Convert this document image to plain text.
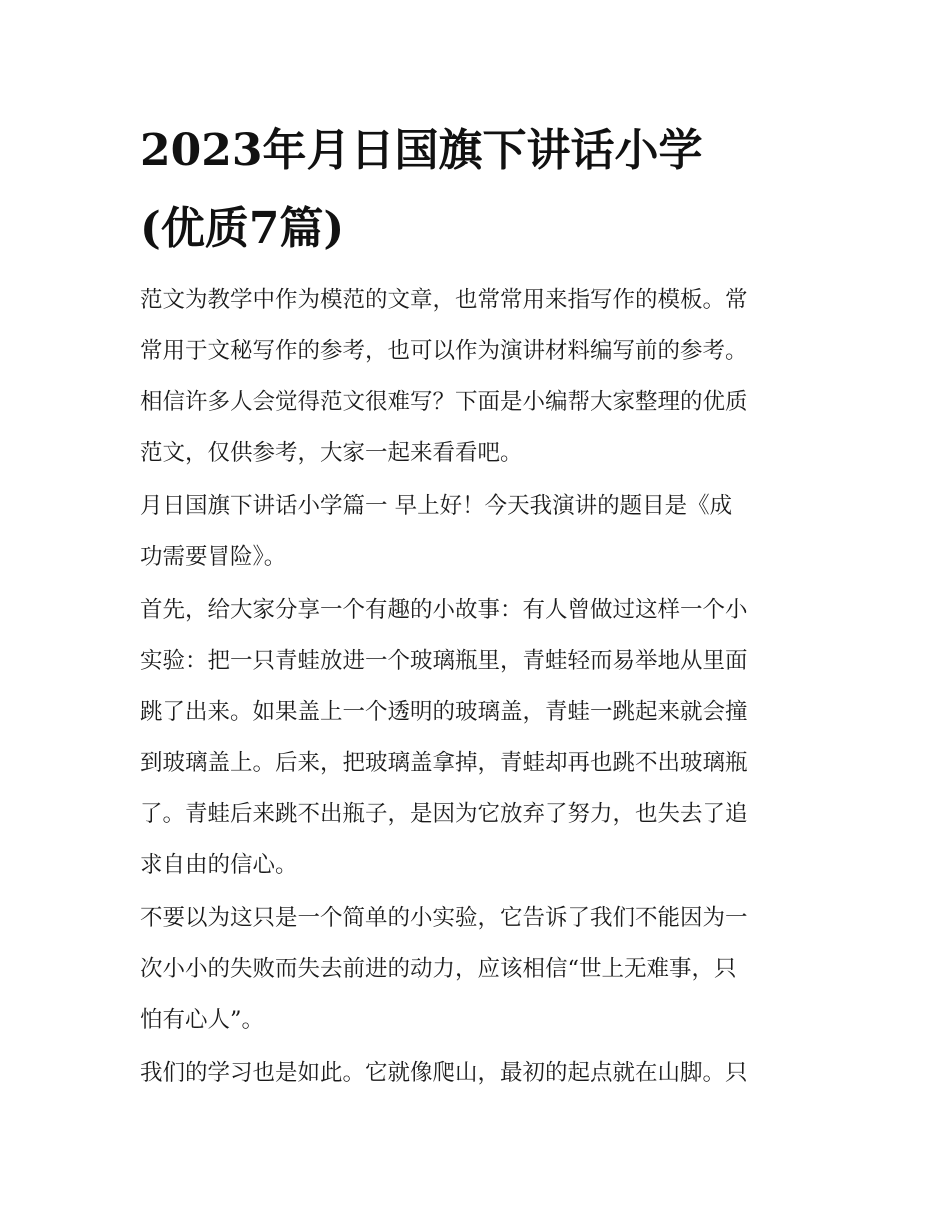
2023年月日国旗下讲话小学
(优质7篇)
范文为教学中作为模范的文章，也常常用来指写作的模板。常
常用于文秘写作的参考，也可以作为演讲材料编写前的参考。
相信许多人会觉得范文很难写？下面是小编帮大家整理的优质
范文，仅供参考，大家一起来看看吧。
月日国旗下讲话小学篇一 早上好！今天我演讲的题目是《成
功需要冒险》。
首先，给大家分享一个有趣的小故事：有人曾做过这样一个小
实验：把一只青蛙放进一个玻璃瓶里，青蛙轻而易举地从里面
跳了出来。如果盖上一个透明的玻璃盖，青蛙一跳起来就会撞
到玻璃盖上。后来，把玻璃盖拿掉，青蛙却再也跳不出玻璃瓶
了。青蛙后来跳不出瓶子，是因为它放弃了努力，也失去了追
求自由的信心。
不要以为这只是一个简单的小实验，它告诉了我们不能因为一
次小小的失败而失去前进的动力，应该相信“世上无难事，只
怕有心人”。
我们的学习也是如此。它就像爬山，最初的起点就在山脚。只
